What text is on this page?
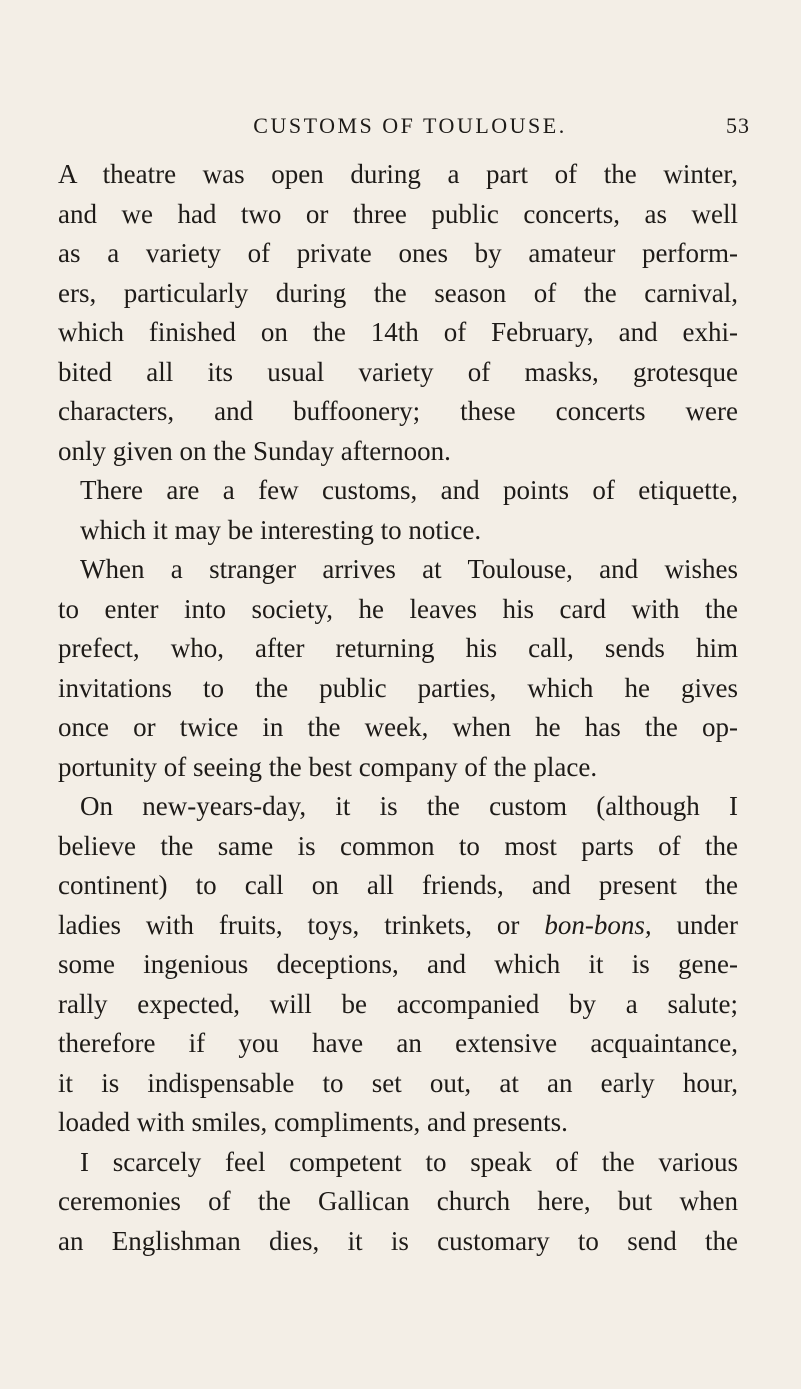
CUSTOMS OF TOULOUSE.	53
A theatre was open during a part of the winter,
and we had two or three public concerts, as well
as a variety of private ones by amateur perform-
ers, particularly during the season of the carnival,
which finished on the 14th of February, and exhi-
bited all its usual variety of masks, grotesque
characters, and buffoonery; these concerts were
only given on the Sunday afternoon.
There are a few customs, and points of etiquette,
which it may be interesting to notice.
When a stranger arrives at Toulouse, and wishes
to enter into society, he leaves his card with the
prefect, who, after returning his call, sends him
invitations to the public parties, which he gives
once or twice in the week, when he has the op-
portunity of seeing the best company of the place.
On new-years-day, it is the custom (although I
believe the same is common to most parts of the
continent) to call on all friends, and present the
ladies with fruits, toys, trinkets, or bon-bons, under
some ingenious deceptions, and which it is gene-
rally expected, will be accompanied by a salute;
therefore if you have an extensive acquaintance,
it is indispensable to set out, at an early hour,
loaded with smiles, compliments, and presents.
I scarcely feel competent to speak of the various
ceremonies of the Gallican church here, but when
an Englishman dies, it is customary to send the
